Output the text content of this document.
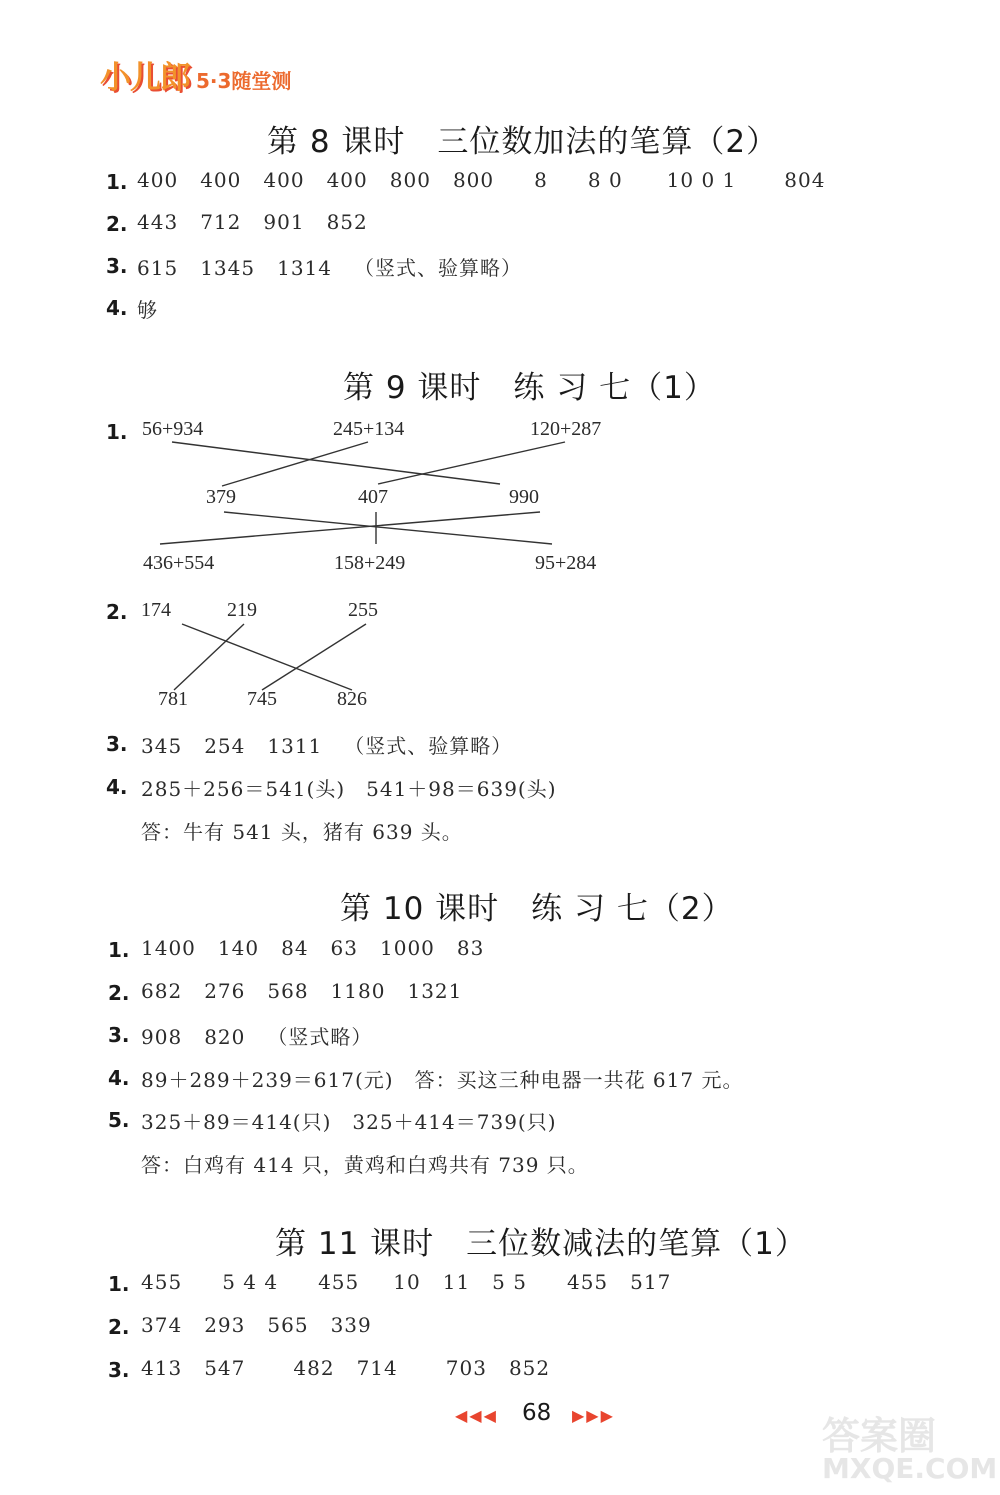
小儿郎 5·3随堂测
第 8 课时　三位数加法的笔算（2）
1. 400 400 400 400 800 800 8 8 0 10 0 1 804
2. 443 712 901 852
3. 615 1345 1314 （竖式、验算略）
4. 够
第 9 课时　练 习 七（1）
1. 56+934	245+134	120+287
379	407	990
436+554	158+249	95+284
2. 174	219	255
781	745	826
3. 345 254 1311 （竖式、验算略）
4. 285＋256＝541(头)　541＋98＝639(头)
答：牛有 541 头，猪有 639 头。
第 10 课时　练 习 七（2）
1. 1400 140 84 63 1000 83
2. 682 276 568 1180 1321
3. 908 820 （竖式略）
4. 89＋289＋239＝617(元)　答：买这三种电器一共花 617 元。
5. 325＋89＝414(只)　325＋414＝739(只)
答：白鸡有 414 只，黄鸡和白鸡共有 739 只。
第 11 课时　三位数减法的笔算（1）
1. 455 5 4 4 455 10 11 5 5 455 517
2. 374 293 565 339
3. 413 547 482 714 703 852
◀◀◀ 68 ▶▶▶	答案圈
MXQE.COM
